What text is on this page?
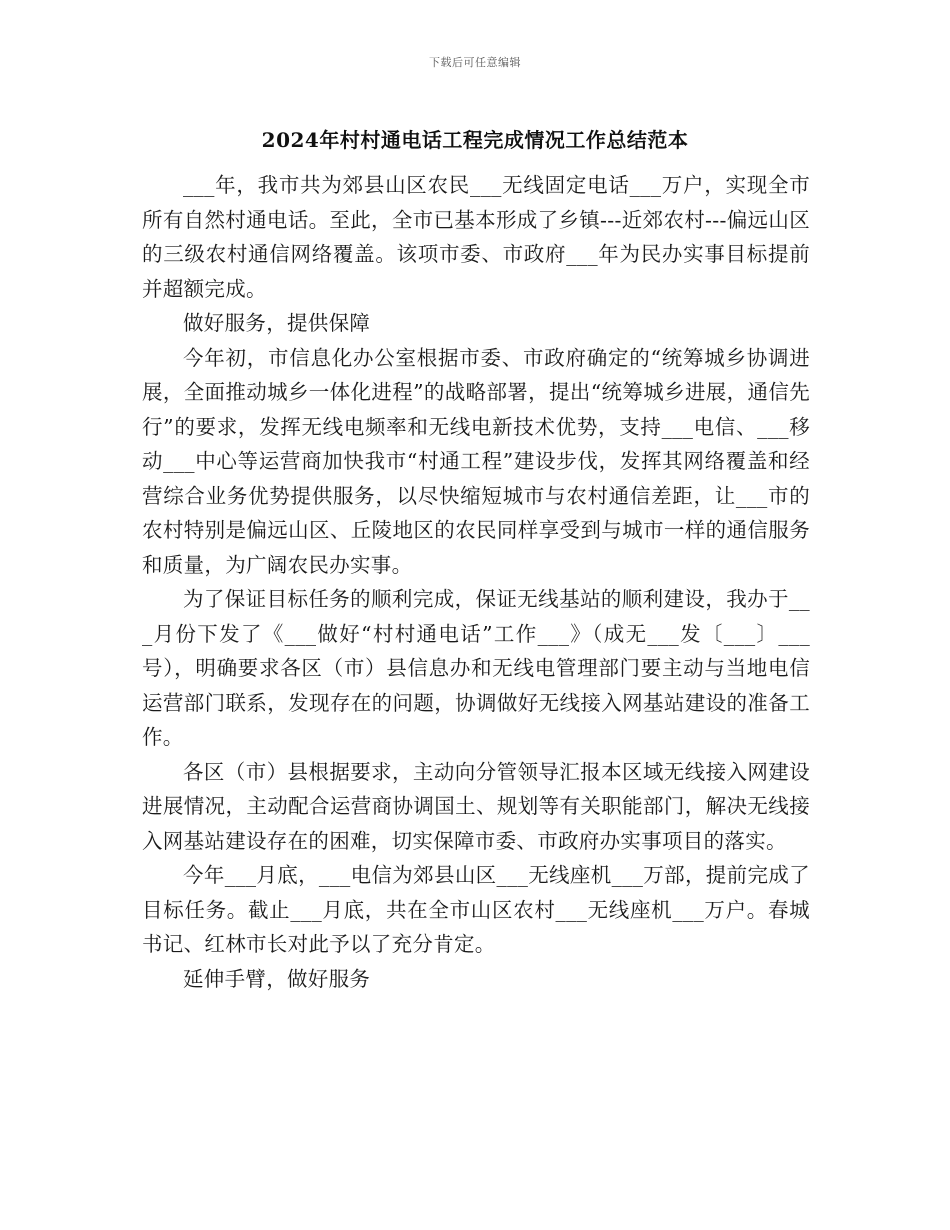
下载后可任意编辑
2024年村村通电话工程完成情况工作总结范本

___年，我市共为郊县山区农民___无线固定电话___万户，实现全市所有自然村通电话。至此，全市已基本形成了乡镇---近郊农村---偏远山区的三级农村通信网络覆盖。该项市委、市政府___年为民办实事目标提前并超额完成。

做好服务，提供保障

今年初，市信息化办公室根据市委、市政府确定的“统筹城乡协调进展，全面推动城乡一体化进程”的战略部署，提出“统筹城乡进展，通信先行”的要求，发挥无线电频率和无线电新技术优势，支持___电信、___移动___中心等运营商加快我市“村通工程”建设步伐，发挥其网络覆盖和经营综合业务优势提供服务，以尽快缩短城市与农村通信差距，让___市的农村特别是偏远山区、丘陵地区的农民同样享受到与城市一样的通信服务和质量，为广阔农民办实事。

为了保证目标任务的顺利完成，保证无线基站的顺利建设，我办于___月份下发了《___做好“村村通电话”工作___》（成无___发〔___〕___号），明确要求各区（市）县信息办和无线电管理部门要主动与当地电信运营部门联系，发现存在的问题，协调做好无线接入网基站建设的准备工作。

各区（市）县根据要求，主动向分管领导汇报本区域无线接入网建设进展情况，主动配合运营商协调国土、规划等有关职能部门，解决无线接入网基站建设存在的困难，切实保障市委、市政府办实事项目的落实。

今年___月底，___电信为郊县山区___无线座机___万部，提前完成了目标任务。截止___月底，共在全市山区农村___无线座机___万户。春城书记、红林市长对此予以了充分肯定。

延伸手臂，做好服务
